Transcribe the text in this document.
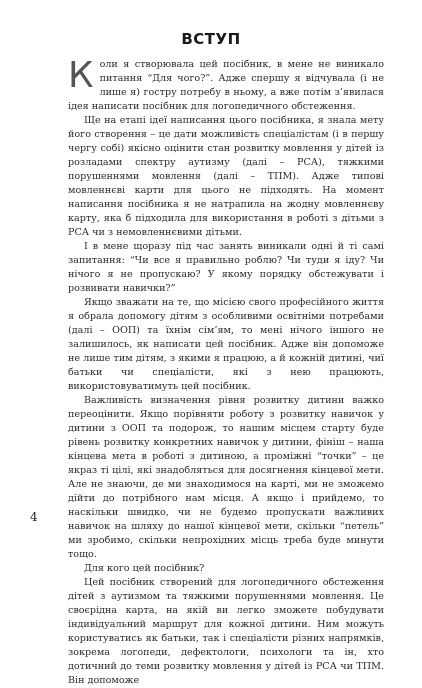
ВСТУП

Коли я створювала цей посібник, в мене не виникало питання “Для чого?”. Адже спершу я відчувала (і не лише я) гостру потребу в ньому, а вже потім з’явилася ідея написати посібник для логопедичного обстеження.

Ще на етапі ідеї написання цього посібника, я знала мету його створення – це дати можливість спеціалістам (і в першу чергу собі) якісно оцінити стан розвитку мовлення у дітей із розладами спектру аутизму (далі – РСА), тяжкими порушеннями мовлення (далі – ТПМ). Адже типові мовленнєві карти для цього не підходять. На момент написання посібника я не натрапила на жодну мовленнєву карту, яка б підходила для використання в роботі з дітьми з РСА чи з немовленнєвими дітьми.

І в мене щоразу під час занять виникали одні й ті самі запитання: “Чи все я правильно роблю? Чи туди я іду? Чи нічого я не пропускаю? У якому порядку обстежувати і розвивати навички?”

Якщо зважати на те, що місією свого професійного життя я обрала допомогу дітям з особливими освітніми потребами (далі – ООП) та їхнім сім’ям, то мені нічого іншого не залишилось, як написати цей посібник. Адже він допоможе не лише тим дітям, з якими я працюю, а й кожній дитині, чиї батьки чи спеціалісти, які з нею працюють, використовуватимуть цей посібник.

Важливість визначення рівня розвитку дитини важко переоцінити. Якщо порівняти роботу з розвитку навичок у дитини з ООП та подорож, то нашим місцем старту буде рівень розвитку конкретних навичок у дитини, фініш – наша кінцева мета в роботі з дитиною, а проміжні “точки” – це якраз ті цілі, які знадобляться для досягнення кінцевої мети. Але не знаючи, де ми знаходимося на карті, ми не зможемо дійти до потрібного нам місця. А якщо і прийдемо, то наскільки швидко, чи не будемо пропускати важливих навичок на шляху до нашої кінцевої мети, скільки “петель” ми зробимо, скільки непрохідних місць треба буде минути тощо.

Для кого цей посібник?

Цей посібник створений для логопедичного обстеження дітей з аутизмом та тяжкими порушеннями мовлення. Це своєрідна карта, на якій ви легко зможете побудувати індивідуальний маршрут для кожної дитини. Ним можуть користуватись як батьки, так і спеціалісти різних напрямків, зокрема логопеди, дефектологи, психологи та ін, хто дотичний до теми розвитку мовлення у дітей із РСА чи ТПМ. Він допоможе

4
